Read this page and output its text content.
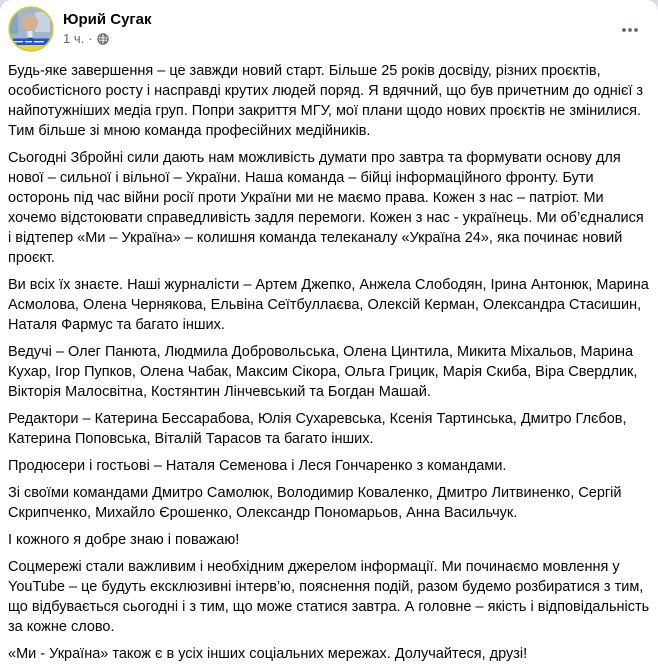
Юрий Сугак
1 ч. ·

Будь-яке завершення – це завжди новий старт. Більше 25 років досвіду, різних проєктів, особистісного росту і насправді крутих людей поряд. Я вдячний, що був причетним до однієї з найпотужніших медіа груп. Попри закриття МГУ, мої плани щодо нових проєктів не змінилися. Тим більше зі мною команда професійних медійників.

Сьогодні Збройні сили дають нам можливість думати про завтра та формувати основу для нової – сильної і вільної – України. Наша команда – бійці інформаційного фронту. Бути осторонь під час війни росії проти України ми не маємо права. Кожен з нас – патріот. Ми хочемо відстоювати справедливість задля перемоги. Кожен з нас - українець. Ми об’єдналися і відтепер «Ми – Україна» – колишня команда телеканалу «Україна 24», яка починає новий проєкт.

Ви всіх їх знаєте. Наші журналісти – Артем Джепко, Анжела Слободян, Ірина Антонюк, Марина Асмолова, Олена Чернякова, Ельвіна Сеїтбуллаєва, Олексій Керман, Олександра Стасишин, Наталя Фармус та багато інших.

Ведучі – Олег Панюта, Людмила Добровольська, Олена Цинтила, Микита Міхальов, Марина Кухар, Ігор Пупков, Олена Чабак, Максим Сікора, Ольга Грицик, Марія Скиба, Віра Свердлик, Вікторія Малосвітна, Костянтин Лінчевський та Богдан Машай.

Редактори – Катерина Бессарабова, Юлія Сухаревська, Ксенія Тартинська, Дмитро Глєбов, Катерина Поповська, Віталій Тарасов та багато інших.

Продюсери і гостьові – Наталя Семенова і Леся Гончаренко з командами.

Зі своїми командами Дмитро Самолюк, Володимир Коваленко, Дмитро Литвиненко, Сергій Скрипченко, Михайло Єрошенко, Олександр Пономарьов, Анна Васильчук.

І кожного я добре знаю і поважаю!

Соцмережі стали важливим і необхідним джерелом інформації. Ми починаємо мовлення у YouTube – це будуть ексклюзивні інтерв’ю, пояснення подій, разом будемо розбиратися з тим, що відбувається сьогодні і з тим, що може статися завтра. А головне – якість і відповідальність за кожне слово.

«Ми - Україна» також є в усіх інших соціальних мережах. Долучайтеся, друзі!
